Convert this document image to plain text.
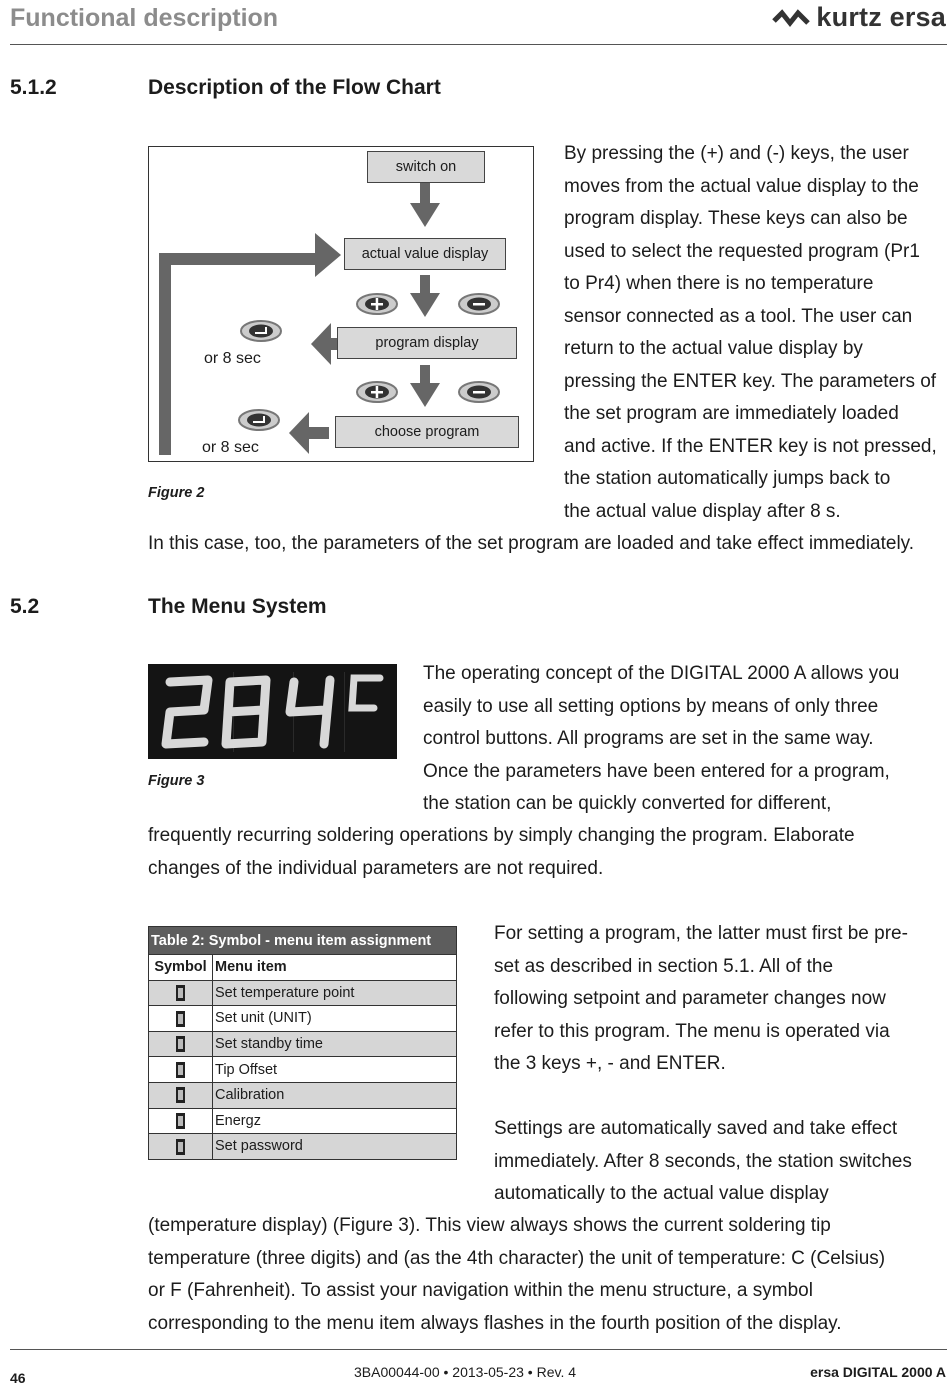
Functional description	kurtz ersa
5.1.2	Description of the Flow Chart
switch on
actual value display
program display
choose program
or 8 sec
or 8 sec
Figure 2
By pressing the (+) and (-) keys, the user
moves from the actual value display to the
program display. These keys can also be
used to select the requested program (Pr1
to Pr4) when there is no temperature
sensor connected as a tool. The user can
return to the actual value display by
pressing the ENTER key. The parameters of
the set program are immediately loaded
and active. If the ENTER key is not pressed,
the station automatically jumps back to
the actual value display after 8 s.
In this case, too, the parameters of the set program are loaded and take effect immediately.
5.2	The Menu System
Figure 3
The operating concept of the DIGITAL 2000 A allows you
easily to use all setting options by means of only three
control buttons. All programs are set in the same way.
Once the parameters have been entered for a program,
the station can be quickly converted for different,
frequently recurring soldering operations by simply changing the program. Elaborate
changes of the individual parameters are not required.
Table 2: Symbol - menu item assignment	
Symbol	Menu item
	Set temperature point
	Set unit (UNIT)
	Set standby time
	Tip Offset
	Calibration
	Energz
	Set password
For setting a program, the latter must first be pre-
set as described in section 5.1. All of the
following setpoint and parameter changes now
refer to this program. The menu is operated via
the 3 keys +, - and ENTER.
Settings are automatically saved and take effect
immediately. After 8 seconds, the station switches
automatically to the actual value display
(temperature display) (Figure 3). This view always shows the current soldering tip
temperature (three digits) and (as the 4th character) the unit of temperature: C (Celsius)
or F (Fahrenheit). To assist your navigation within the menu structure, a symbol
corresponding to the menu item always flashes in the fourth position of the display.
46	3BA00044-00 • 2013-05-23 • Rev. 4	ersa DIGITAL 2000 A
